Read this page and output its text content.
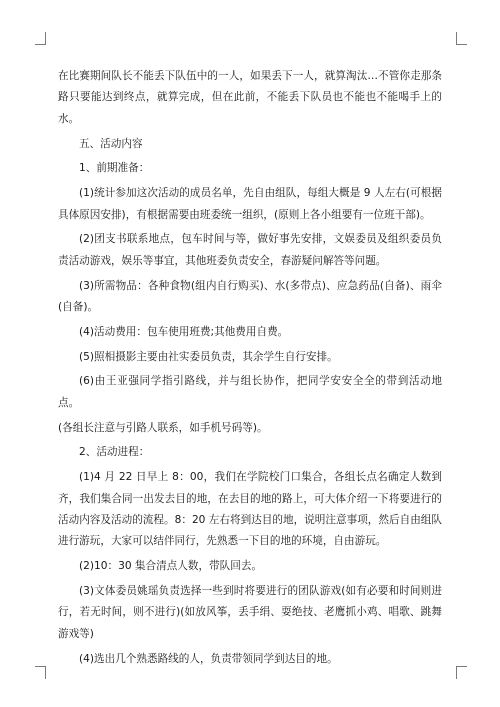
在比赛期间队长不能丢下队伍中的一人，如果丢下一人，就算淘汰…不管你走那条路只要能达到终点，就算完成，但在此前，不能丢下队员也不能也不能喝手上的水。

五、活动内容

1、前期准备：

(1)统计参加这次活动的成员名单，先自由组队，每组大概是 9 人左右(可根据具体原因安排)，有根据需要由班委统一组织，(原则上各小组要有一位班干部)。

(2)团支书联系地点，包车时间与等，做好事先安排，文娱委员及组织委员负责活动游戏，娱乐等事宜，其他班委负责安全，春游疑问解答等问题。

(3)所需物品：各种食物(组内自行购买)、水(多带点)、应急药品(自备)、雨伞(自备)。

(4)活动费用：包车使用班费;其他费用自费。

(5)照相摄影主要由社实委员负责，其余学生自行安排。

(6)由王亚强同学指引路线，并与组长协作，把同学安安全全的带到活动地点。

(各组长注意与引路人联系，如手机号码等)。

2、活动进程：

(1)4 月 22 日早上 8：00，我们在学院校门口集合，各组长点名确定人数到齐，我们集合同一出发去目的地，在去目的地的路上，可大体介绍一下将要进行的活动内容及活动的流程。8：20 左右将到达目的地，说明注意事项，然后自由组队进行游玩，大家可以结伴同行，先熟悉一下目的地的环境，自由游玩。

(2)10：30 集合清点人数，带队回去。

(3)文体委员姚瑶负责选择一些到时将要进行的团队游戏(如有必要和时间则进行，若无时间，则不进行)(如放风筝，丢手绢、耍绝技、老鹰抓小鸡、唱歌、跳舞游戏等)

(4)选出几个熟悉路线的人，负责带领同学到达目的地。
